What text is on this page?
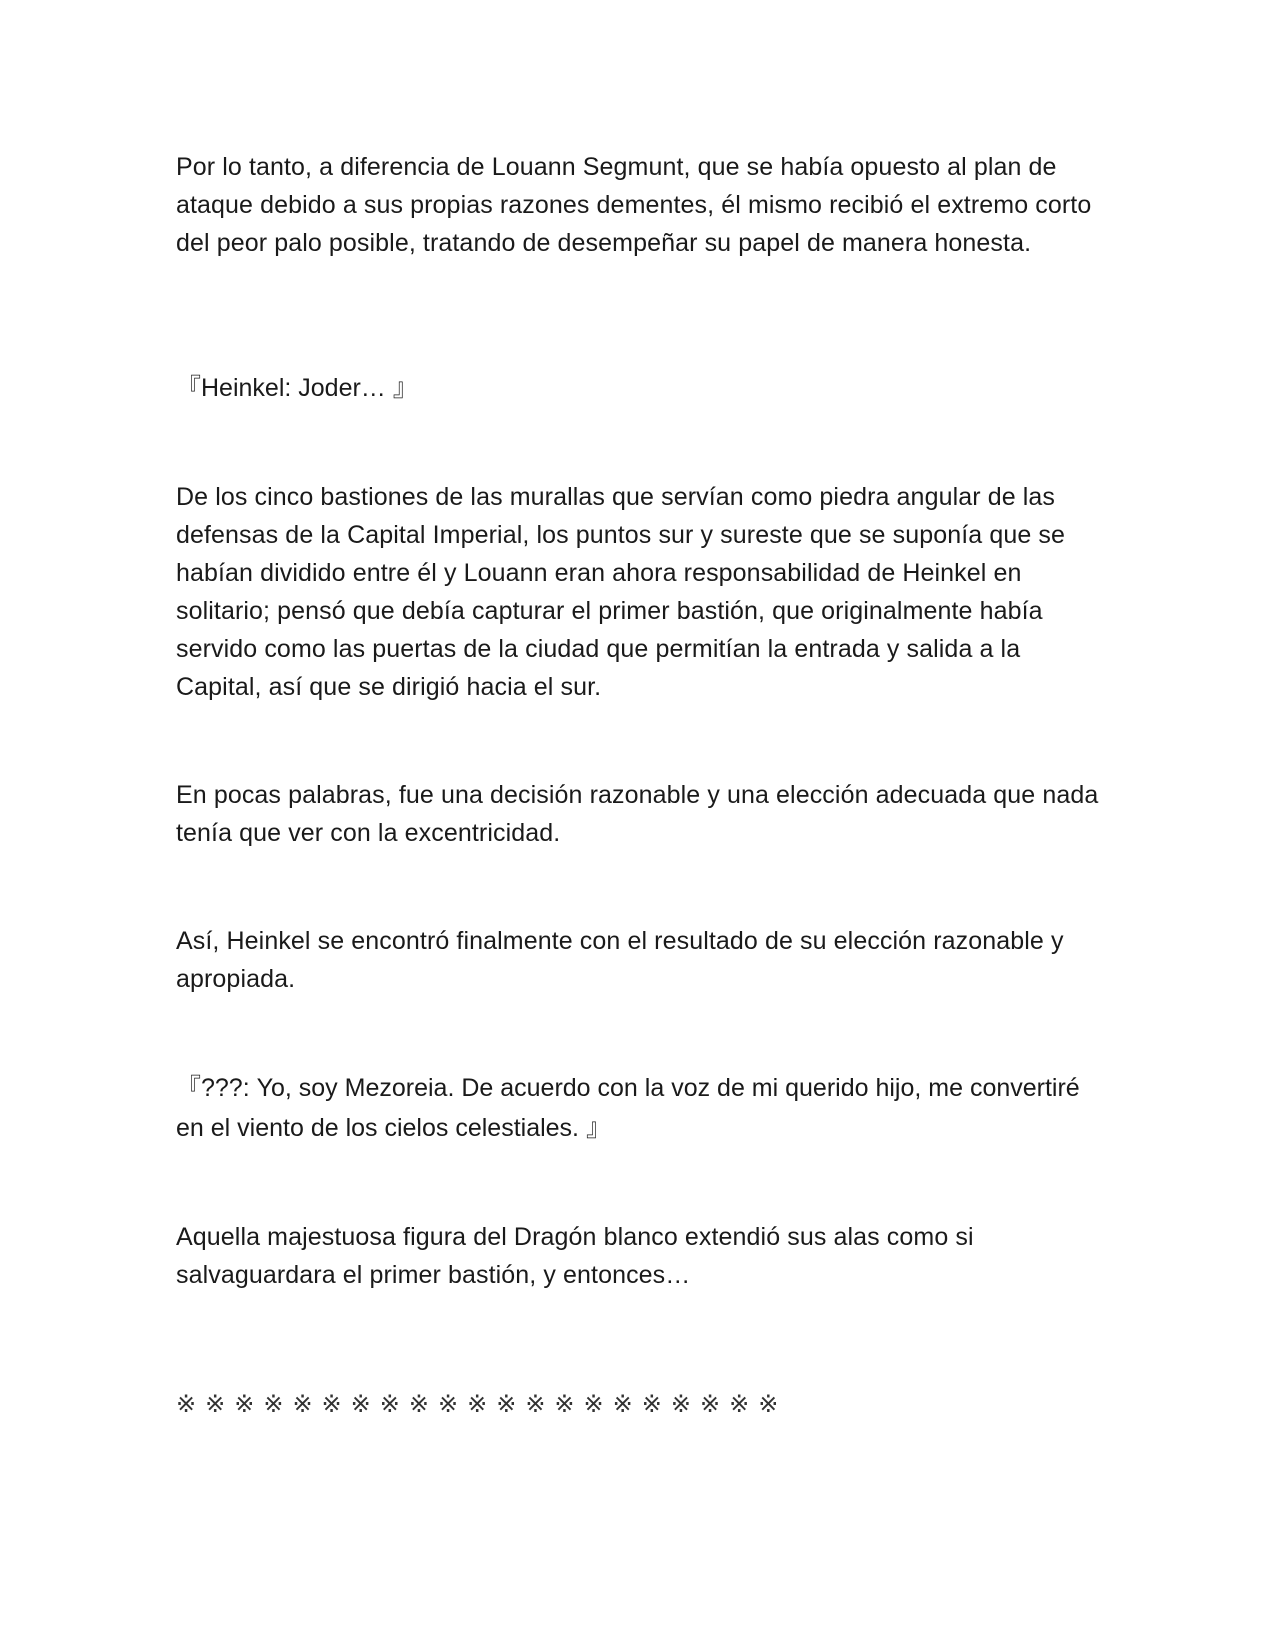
Por lo tanto, a diferencia de Louann Segmunt, que se había opuesto al plan de ataque debido a sus propias razones dementes, él mismo recibió el extremo corto del peor palo posible, tratando de desempeñar su papel de manera honesta.

『Heinkel: Joder… 』

De los cinco bastiones de las murallas que servían como piedra angular de las defensas de la Capital Imperial, los puntos sur y sureste que se suponía que se habían dividido entre él y Louann eran ahora responsabilidad de Heinkel en solitario; pensó que debía capturar el primer bastión, que originalmente había servido como las puertas de la ciudad que permitían la entrada y salida a la Capital, así que se dirigió hacia el sur.

En pocas palabras, fue una decisión razonable y una elección adecuada que nada tenía que ver con la excentricidad.

Así, Heinkel se encontró finalmente con el resultado de su elección razonable y apropiada.

『???: Yo, soy Mezoreia. De acuerdo con la voz de mi querido hijo, me convertiré en el viento de los cielos celestiales. 』

Aquella majestuosa figura del Dragón blanco extendió sus alas como si salvaguardara el primer bastión, y entonces…

※※※※※※※※※※※※※※※※※※※※※
